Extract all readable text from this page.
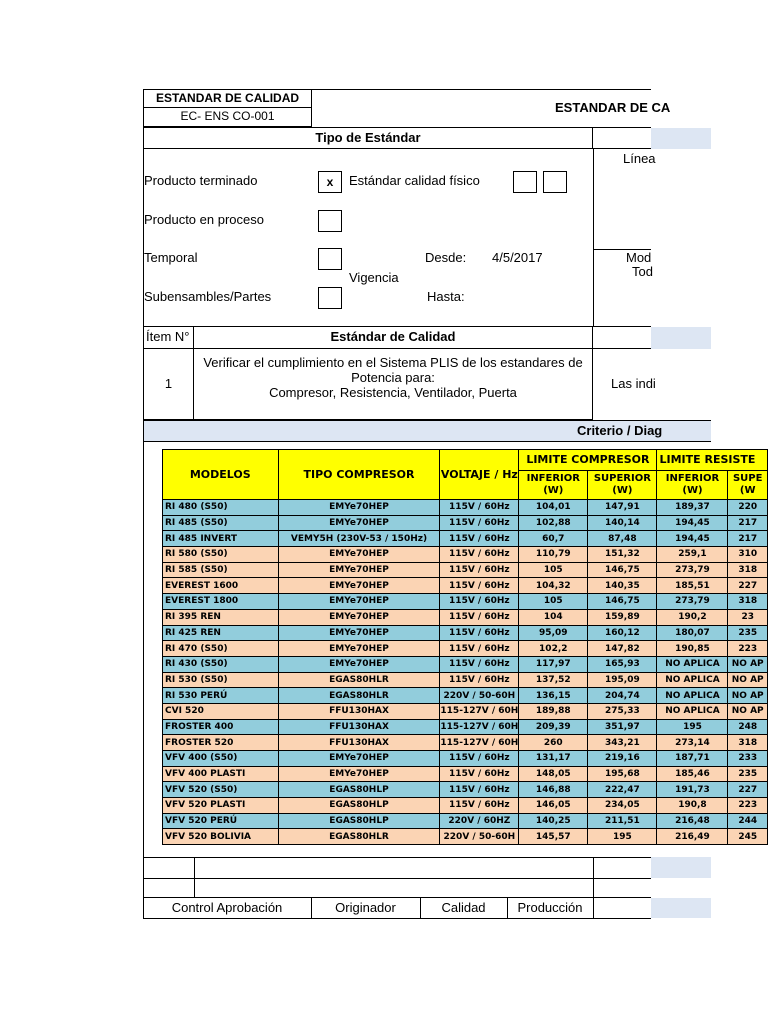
ESTANDAR DE CALIDAD
EC- ENS CO-001
ESTANDAR DE CA
Tipo de Estándar
Producto terminado	x	Estándar calidad físico
Producto en proceso
Temporal	Desde: 4/5/2017
Vigencia
Subensambles/Partes	Hasta:
Línea
Mod
Tod
Ítem N°	Estándar de Calidad
1
Verificar el cumplimiento en el Sistema PLIS de los estandares de
Potencia para:
Compresor, Resistencia, Ventilador, Puerta
Las indi
Criterio / Diag
MODELOS	TIPO COMPRESOR	VOLTAJE / Hz	LIMITE COMPRESOR		LIMITE RESISTE	
			INFERIOR (W)	SUPERIOR (W)	INFERIOR (W)	SUPE (W
RI 480 (S50)	EMYe70HEP	115V / 60Hz	104,01	147,91	189,37	220
RI 485 (S50)	EMYe70HEP	115V / 60Hz	102,88	140,14	194,45	217
RI 485 INVERT	VEMY5H (230V-53 / 150Hz)	115V / 60Hz	60,7	87,48	194,45	217
RI 580 (S50)	EMYe70HEP	115V / 60Hz	110,79	151,32	259,1	310
RI 585 (S50)	EMYe70HEP	115V / 60Hz	105	146,75	273,79	318
EVEREST 1600	EMYe70HEP	115V / 60Hz	104,32	140,35	185,51	227
EVEREST 1800	EMYe70HEP	115V / 60Hz	105	146,75	273,79	318
RI 395 REN	EMYe70HEP	115V / 60Hz	104	159,89	190,2	23
RI 425 REN	EMYe70HEP	115V / 60Hz	95,09	160,12	180,07	235
RI 470 (S50)	EMYe70HEP	115V / 60Hz	102,2	147,82	190,85	223
RI 430 (S50)	EMYe70HEP	115V / 60Hz	117,97	165,93	NO APLICA	NO AP
RI 530 (S50)	EGAS80HLR	115V / 60Hz	137,52	195,09	NO APLICA	NO AP
RI 530 PERÚ	EGAS80HLR	220V / 50-60H	136,15	204,74	NO APLICA	NO AP
CVI 520	FFU130HAX	115-127V / 60H	189,88	275,33	NO APLICA	NO AP
FROSTER 400	FFU130HAX	115-127V / 60H	209,39	351,97	195	248
FROSTER 520	FFU130HAX	115-127V / 60H	260	343,21	273,14	318
VFV 400 (S50)	EMYe70HEP	115V / 60Hz	131,17	219,16	187,71	233
VFV 400 PLASTI	EMYe70HEP	115V / 60Hz	148,05	195,68	185,46	235
VFV 520 (S50)	EGAS80HLP	115V / 60Hz	146,88	222,47	191,73	227
VFV 520 PLASTI	EGAS80HLP	115V / 60Hz	146,05	234,05	190,8	223
VFV 520 PERÚ	EGAS80HLP	220V / 60HZ	140,25	211,51	216,48	244
VFV 520 BOLIVIA	EGAS80HLR	220V / 50-60H	145,57	195	216,49	245
Control Aprobación	Originador	Calidad	Producción
